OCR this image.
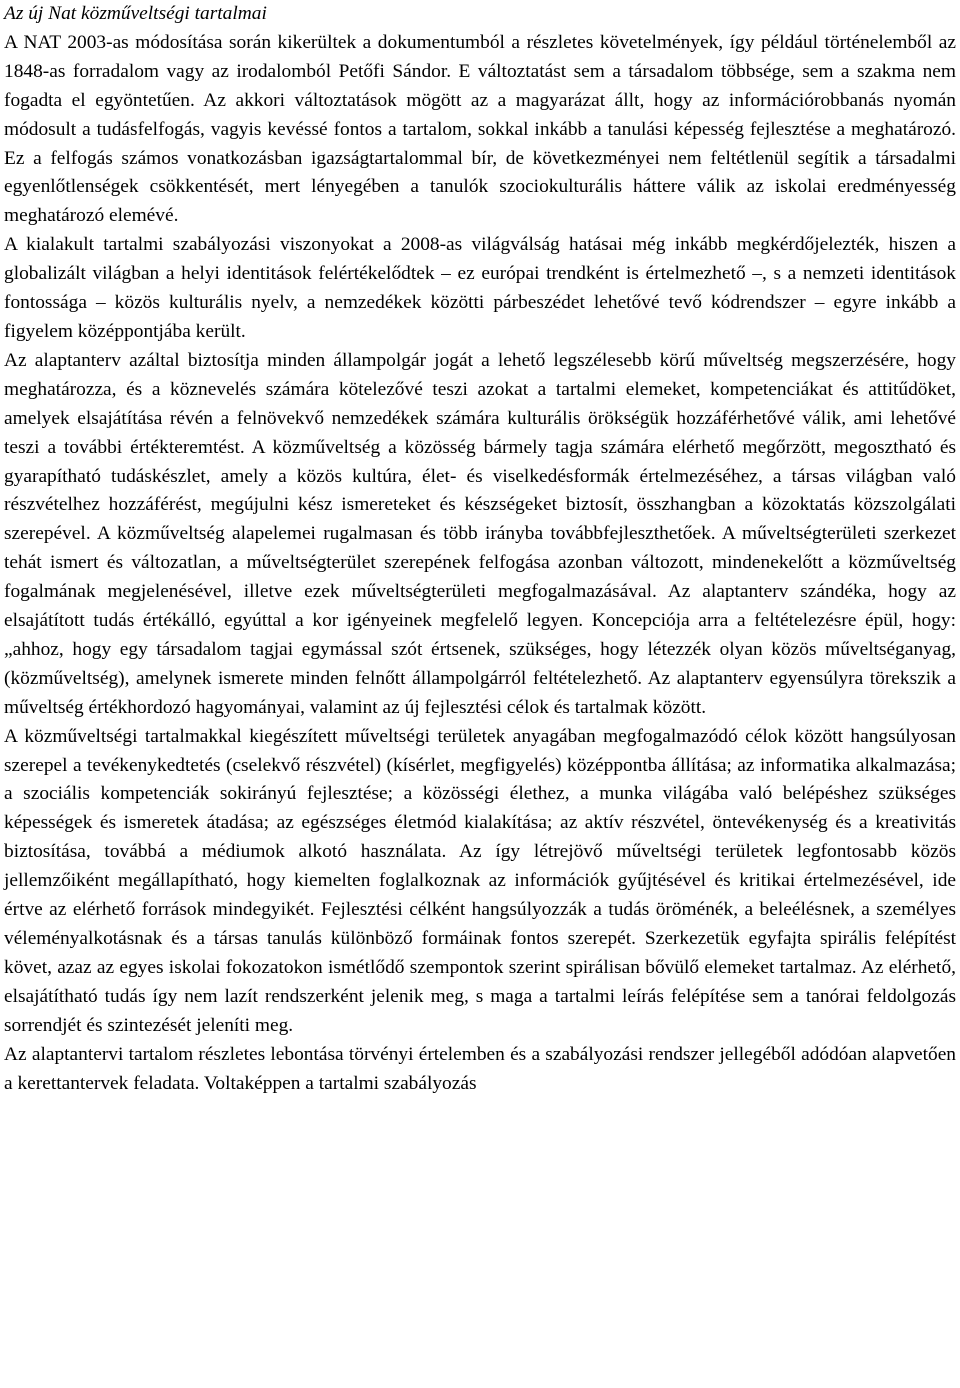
Az új Nat közműveltségi tartalmai

A NAT 2003-as módosítása során kikerültek a dokumentumból a részletes követelmények, így például történelemből az 1848-as forradalom vagy az irodalomból Petőfi Sándor. E változtatást sem a társadalom többsége, sem a szakma nem fogadta el egyöntetűen. Az akkori változtatások mögött az a magyarázat állt, hogy az információrobbanás nyomán módosult a tudásfelfogás, vagyis kevéssé fontos a tartalom, sokkal inkább a tanulási képesség fejlesztése a meghatározó. Ez a felfogás számos vonatkozásban igazságtartalommal bír, de következményei nem feltétlenül segítik a társadalmi egyenlőtlenségek csökkentését, mert lényegében a tanulók szociokulturális háttere válik az iskolai eredményesség meghatározó elemévé.

A kialakult tartalmi szabályozási viszonyokat a 2008-as világválság hatásai még inkább megkérdőjelezték, hiszen a globalizált világban a helyi identitások felértékelődtek – ez európai trendként is értelmezhető –, s a nemzeti identitások fontossága – közös kulturális nyelv, a nemzedékek közötti párbeszédet lehetővé tevő kódrendszer – egyre inkább a figyelem középpontjába került.

Az alaptanterv azáltal biztosítja minden állampolgár jogát a lehető legszélesebb körű műveltség megszerzésére, hogy meghatározza, és a köznevelés számára kötelezővé teszi azokat a tartalmi elemeket, kompetenciákat és attitűdöket, amelyek elsajátítása révén a felnövekvő nemzedékek számára kulturális örökségük hozzáférhetővé válik, ami lehetővé teszi a további értékteremtést. A közműveltség a közösség bármely tagja számára elérhető megőrzött, megosztható és gyarapítható tudáskészlet, amely a közös kultúra, élet- és viselkedésformák értelmezéséhez, a társas világban való részvételhez hozzáférést, megújulni kész ismereteket és készségeket biztosít, összhangban a közoktatás közszolgálati szerepével. A közműveltség alapelemei rugalmasan és több irányba továbbfejleszthetőek. A műveltségterületi szerkezet tehát ismert és változatlan, a műveltségterület szerepének felfogása azonban változott, mindenekelőtt a közműveltség fogalmának megjelenésével, illetve ezek műveltségterületi megfogalmazásával. Az alaptanterv szándéka, hogy az elsajátított tudás értékálló, egyúttal a kor igényeinek megfelelő legyen. Koncepciója arra a feltételezésre épül, hogy: „ahhoz, hogy egy társadalom tagjai egymással szót értsenek, szükséges, hogy létezzék olyan közös műveltséganyag, (közműveltség), amelynek ismerete minden felnőtt állampolgárról feltételezhető. Az alaptanterv egyensúlyra törekszik a műveltség értékhordozó hagyományai, valamint az új fejlesztési célok és tartalmak között.

A közműveltségi tartalmakkal kiegészített műveltségi területek anyagában megfogalmazódó célok között hangsúlyosan szerepel a tevékenykedtetés (cselekvő részvétel) (kísérlet, megfigyelés) középpontba állítása; az informatika alkalmazása; a szociális kompetenciák sokirányú fejlesztése; a közösségi élethez, a munka világába való belépéshez szükséges képességek és ismeretek átadása; az egészséges életmód kialakítása; az aktív részvétel, öntevékenység és a kreativitás biztosítása, továbbá a médiumok alkotó használata. Az így létrejövő műveltségi területek legfontosabb közös jellemzőiként megállapítható, hogy kiemelten foglalkoznak az információk gyűjtésével és kritikai értelmezésével, ide értve az elérhető források mindegyikét. Fejlesztési célként hangsúlyozzák a tudás öröménék, a beleélésnek, a személyes véleményalkotásnak és a társas tanulás különböző formáinak fontos szerepét. Szerkezetük egyfajta spirális felépítést követ, azaz az egyes iskolai fokozatokon ismétlődő szempontok szerint spirálisan bővülő elemeket tartalmaz. Az elérhető, elsajátítható tudás így nem lazít rendszerként jelenik meg, s maga a tartalmi leírás felépítése sem a tanórai feldolgozás sorrendjét és szintezését jeleníti meg.

Az alaptantervi tartalom részletes lebontása törvényi értelemben és a szabályozási rendszer jellegéből adódóan alapvetően a kerettantervek feladata. Voltaképpen a tartalmi szabályozás
